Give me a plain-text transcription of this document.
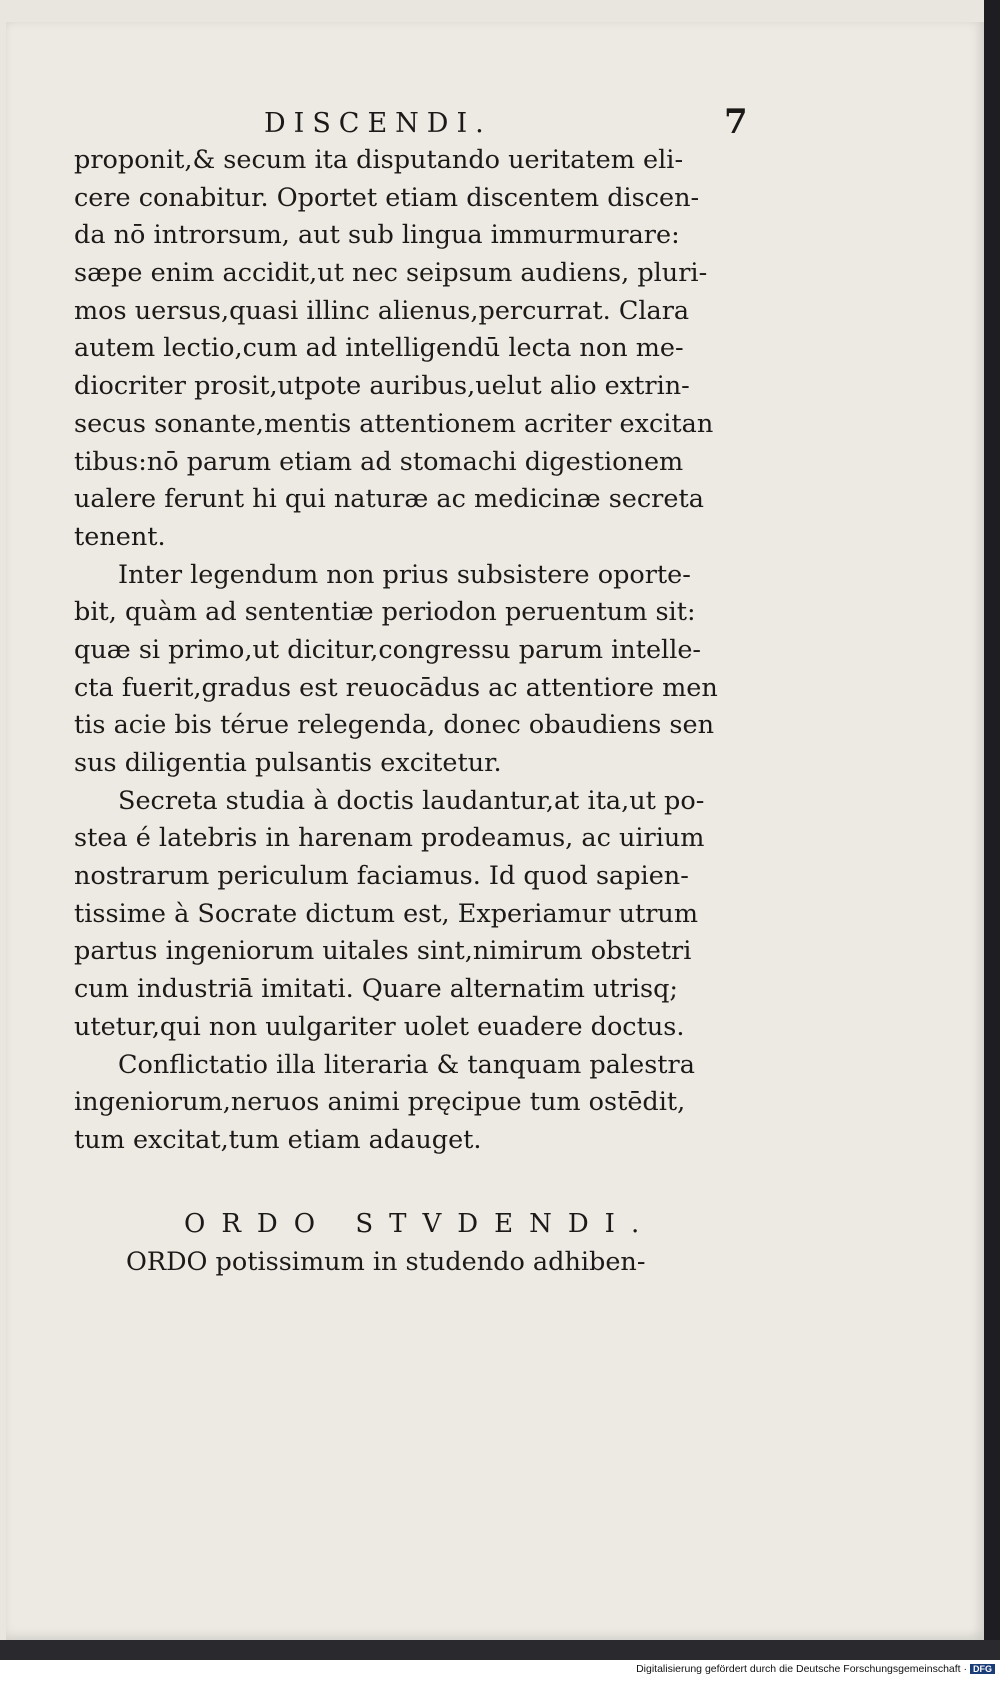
DISCENDI.	7

proponit,& secum ita disputando ueritatem eli-

cere conabitur. Oportet etiam discentem discen-

da nō introrsum, aut sub lingua immurmurare:

sæpe enim accidit,ut nec seipsum audiens, pluri-

mos uersus,quasi illinc alienus,percurrat. Clara

autem lectio,cum ad intelligendū lecta non me-

diocriter prosit,utpote auribus,uelut alio extrin-

secus sonante,mentis attentionem acriter excitan

tibus:nō parum etiam ad stomachi digestionem

ualere ferunt hi qui naturæ ac medicinæ secreta

tenent.

Inter legendum non prius subsistere oporte-

bit, quàm ad sententiæ periodon peruentum sit:

quæ si primo,ut dicitur,congressu parum intelle-

cta fuerit,gradus est reuocādus ac attentiore men

tis acie bis térue relegenda, donec obaudiens sen

sus diligentia pulsantis excitetur.

Secreta studia à doctis laudantur,at ita,ut po-

stea é latebris in harenam prodeamus, ac uirium

nostrarum periculum faciamus. Id quod sapien-

tissime à Socrate dictum est, Experiamur utrum

partus ingeniorum uitales sint,nimirum obstetri

cum industriā imitati. Quare alternatim utrisq;

utetur,qui non uulgariter uolet euadere doctus.

Conflictatio illa literaria & tanquam palestra

ingeniorum,neruos animi pręcipue tum ostēdit,

tum excitat,tum etiam adauget.

ORDO STVDENDI.

ORDO potissimum in studendo adhiben-

Digitalisierung gefördert durch die Deutsche Forschungsgemeinschaft · DFG
